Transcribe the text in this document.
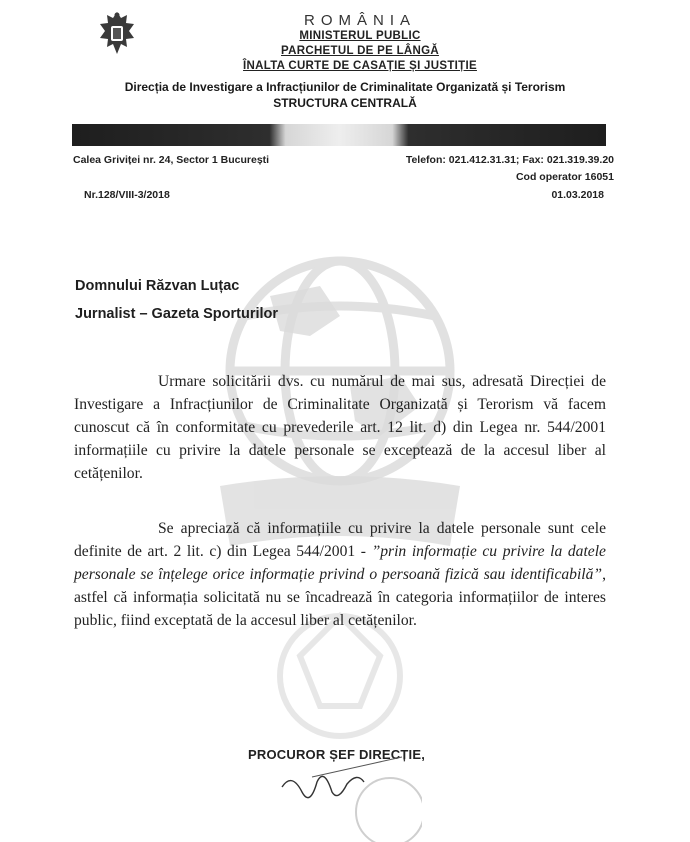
ROMÂNIA
MINISTERUL PUBLIC
PARCHETUL DE PE LÂNGĂ
ÎNALTA CURTE DE CASAȚIE ȘI JUSTIȚIE
Direcția de Investigare a Infracțiunilor de Criminalitate Organizată și Terorism
STRUCTURA CENTRALĂ
Calea Griviței nr. 24, Sector 1 București	Telefon: 021.412.31.31; Fax: 021.319.39.20
Cod operator 16051
Nr.128/VIII-3/2018	01.03.2018
Domnului Răzvan Luțac
Jurnalist – Gazeta Sporturilor
Urmare solicitării dvs. cu numărul de mai sus, adresată Direcției de Investigare a Infracțiunilor de Criminalitate Organizată și Terorism vă facem cunoscut că în conformitate cu prevederile art. 12 lit. d) din Legea nr. 544/2001 informațiile cu privire la datele personale se exceptează de la accesul liber al cetățenilor.
Se apreciază că informațiile cu privire la datele personale sunt cele definite de art. 2 lit. c) din Legea 544/2001 - ”prin informație cu privire la datele personale se înțelege orice informație privind o persoană fizică sau identificabilă”, astfel că informația solicitată nu se încadrează în categoria informațiilor de interes public, fiind exceptată de la accesul liber al cetățenilor.
PROCUROR ȘEF DIRECȚIE,
